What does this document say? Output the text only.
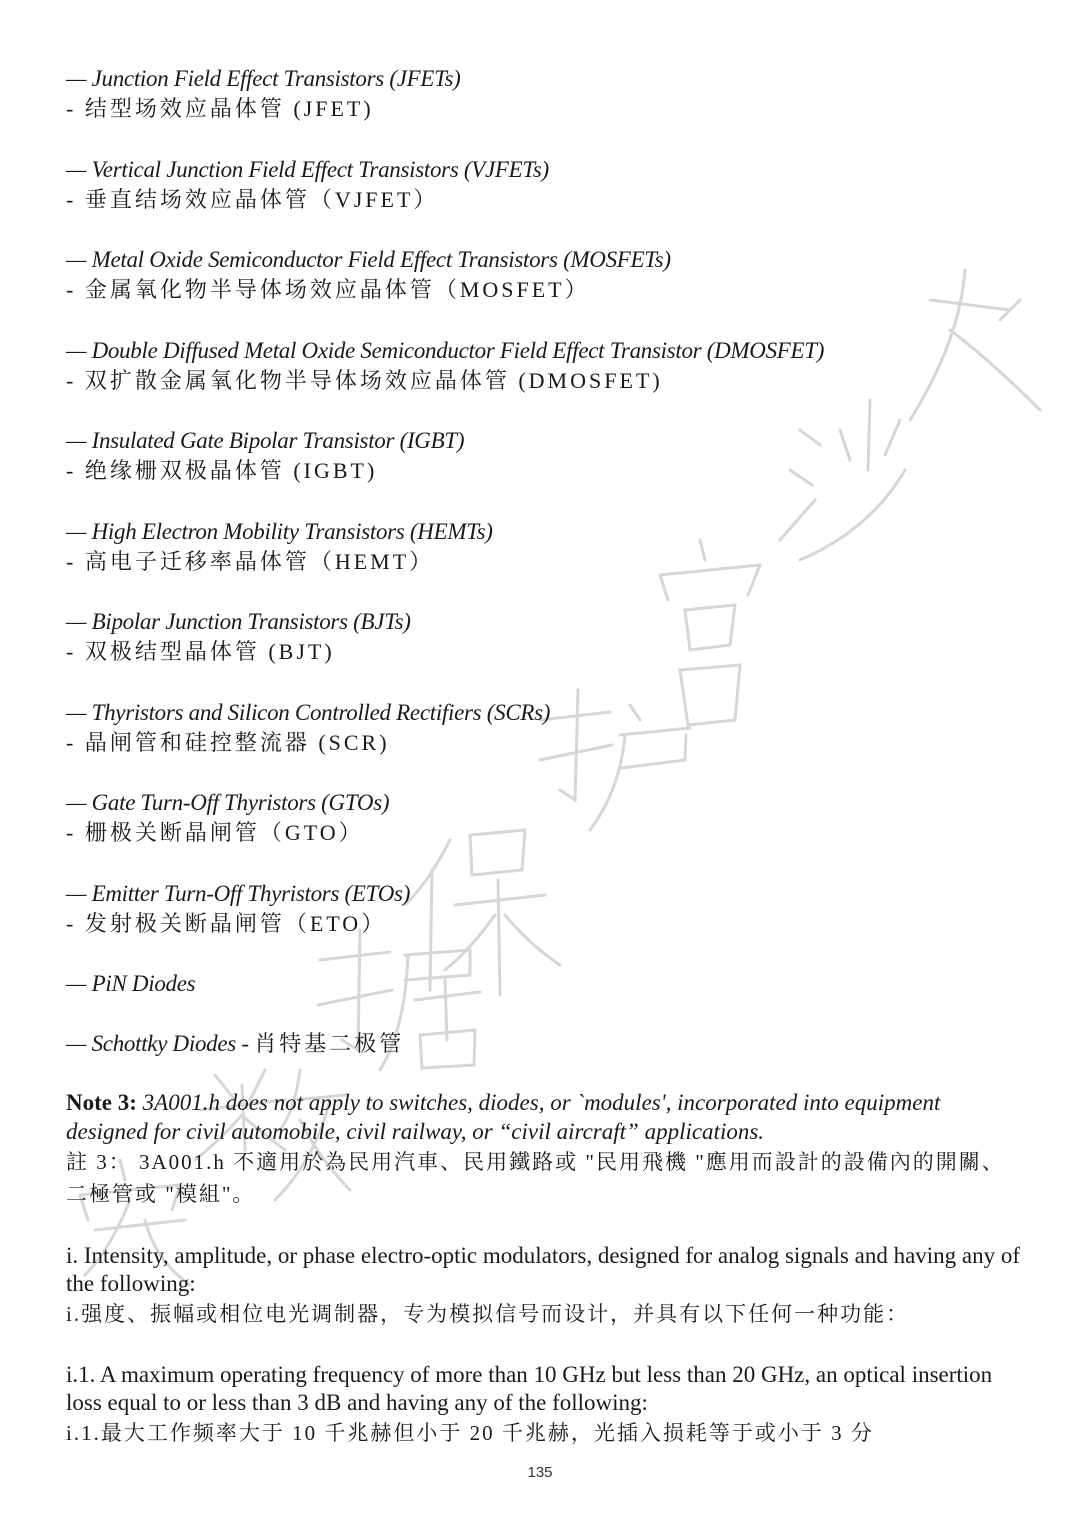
— Junction Field Effect Transistors (JFETs)
- 结型场效应晶体管 (JFET)
— Vertical Junction Field Effect Transistors (VJFETs)
- 垂直结场效应晶体管（VJFET）
— Metal Oxide Semiconductor Field Effect Transistors (MOSFETs)
- 金属氧化物半导体场效应晶体管（MOSFET）
— Double Diffused Metal Oxide Semiconductor Field Effect Transistor (DMOSFET)
- 双扩散金属氧化物半导体场效应晶体管 (DMOSFET)
— Insulated Gate Bipolar Transistor (IGBT)
- 绝缘栅双极晶体管 (IGBT)
— High Electron Mobility Transistors (HEMTs)
- 高电子迁移率晶体管（HEMT）
— Bipolar Junction Transistors (BJTs)
- 双极结型晶体管 (BJT)
— Thyristors and Silicon Controlled Rectifiers (SCRs)
- 晶闸管和硅控整流器 (SCR)
— Gate Turn-Off Thyristors (GTOs)
- 栅极关断晶闸管（GTO）
— Emitter Turn-Off Thyristors (ETOs)
- 发射极关断晶闸管（ETO）
— PiN Diodes
— Schottky Diodes - 肖特基二极管
Note 3: 3A001.h does not apply to switches, diodes, or `modules', incorporated into equipment designed for civil automobile, civil railway, or “civil aircraft” applications.
註 3： 3A001.h 不適用於為民用汽車、民用鐵路或 "民用飛機 "應用而設計的設備內的開關、二極管或 "模組"。
i. Intensity, amplitude, or phase electro-optic modulators, designed for analog signals and having any of the following:
i.强度、振幅或相位电光调制器，专为模拟信号而设计，并具有以下任何一种功能：
i.1. A maximum operating frequency of more than 10 GHz but less than 20 GHz, an optical insertion loss equal to or less than 3 dB and having any of the following:
i.1.最大工作频率大于 10 千兆赫但小于 20 千兆赫，光插入损耗等于或小于 3 分
135
